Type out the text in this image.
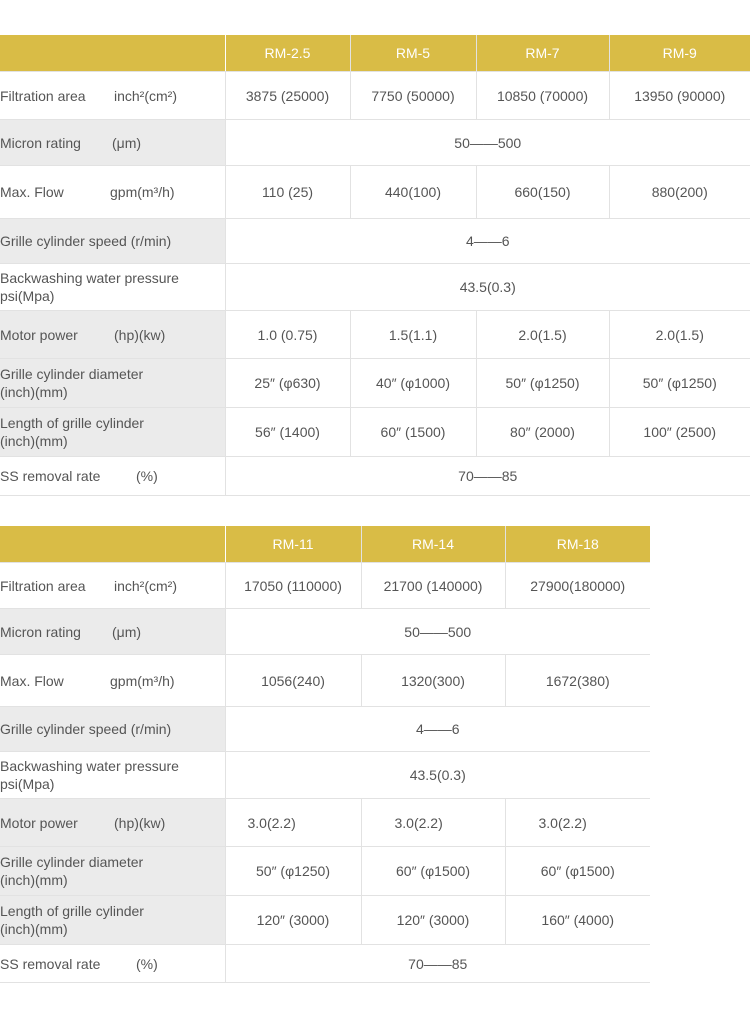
	RM-2.5	RM-5	RM-7	RM-9
Filtration area inch²(cm²)	3875 (25000)	7750 (50000)	10850 (70000)	13950 (90000)
Micron rating (μm)	50——500			
Max. Flow gpm(m³/h)	110 (25)	440(100)	660(150)	880(200)
Grille cylinder speed (r/min)	4——6			

Backwashing water pressure
psi(Mpa)	43.5(0.3)			
Motor power (hp)(kw)	1.0 (0.75)	1.5(1.1)	2.0(1.5)	2.0(1.5)

Grille cylinder diameter
(inch)(mm)	25″ (φ630)	40″ (φ1000)	50″ (φ1250)	50″ (φ1250)

Length of grille cylinder
(inch)(mm)	56″ (1400)	60″ (1500)	80″ (2000)	100″ (2500)
SS removal rate (%)	70——85			
	RM-11	RM-14	RM-18
Filtration area inch²(cm²)	17050 (110000)	21700 (140000)	27900(180000)
Micron rating (μm)	50——500		
Max. Flow gpm(m³/h)	1056(240)	1320(300)	1672(380)
Grille cylinder speed (r/min)	4——6		

Backwashing water pressure
psi(Mpa)	43.5(0.3)		
Motor power (hp)(kw)	3.0(2.2)	3.0(2.2)	3.0(2.2)

Grille cylinder diameter
(inch)(mm)	50″ (φ1250)	60″ (φ1500)	60″ (φ1500)

Length of grille cylinder
(inch)(mm)	120″ (3000)	120″ (3000)	160″ (4000)
SS removal rate (%)	70——85		
